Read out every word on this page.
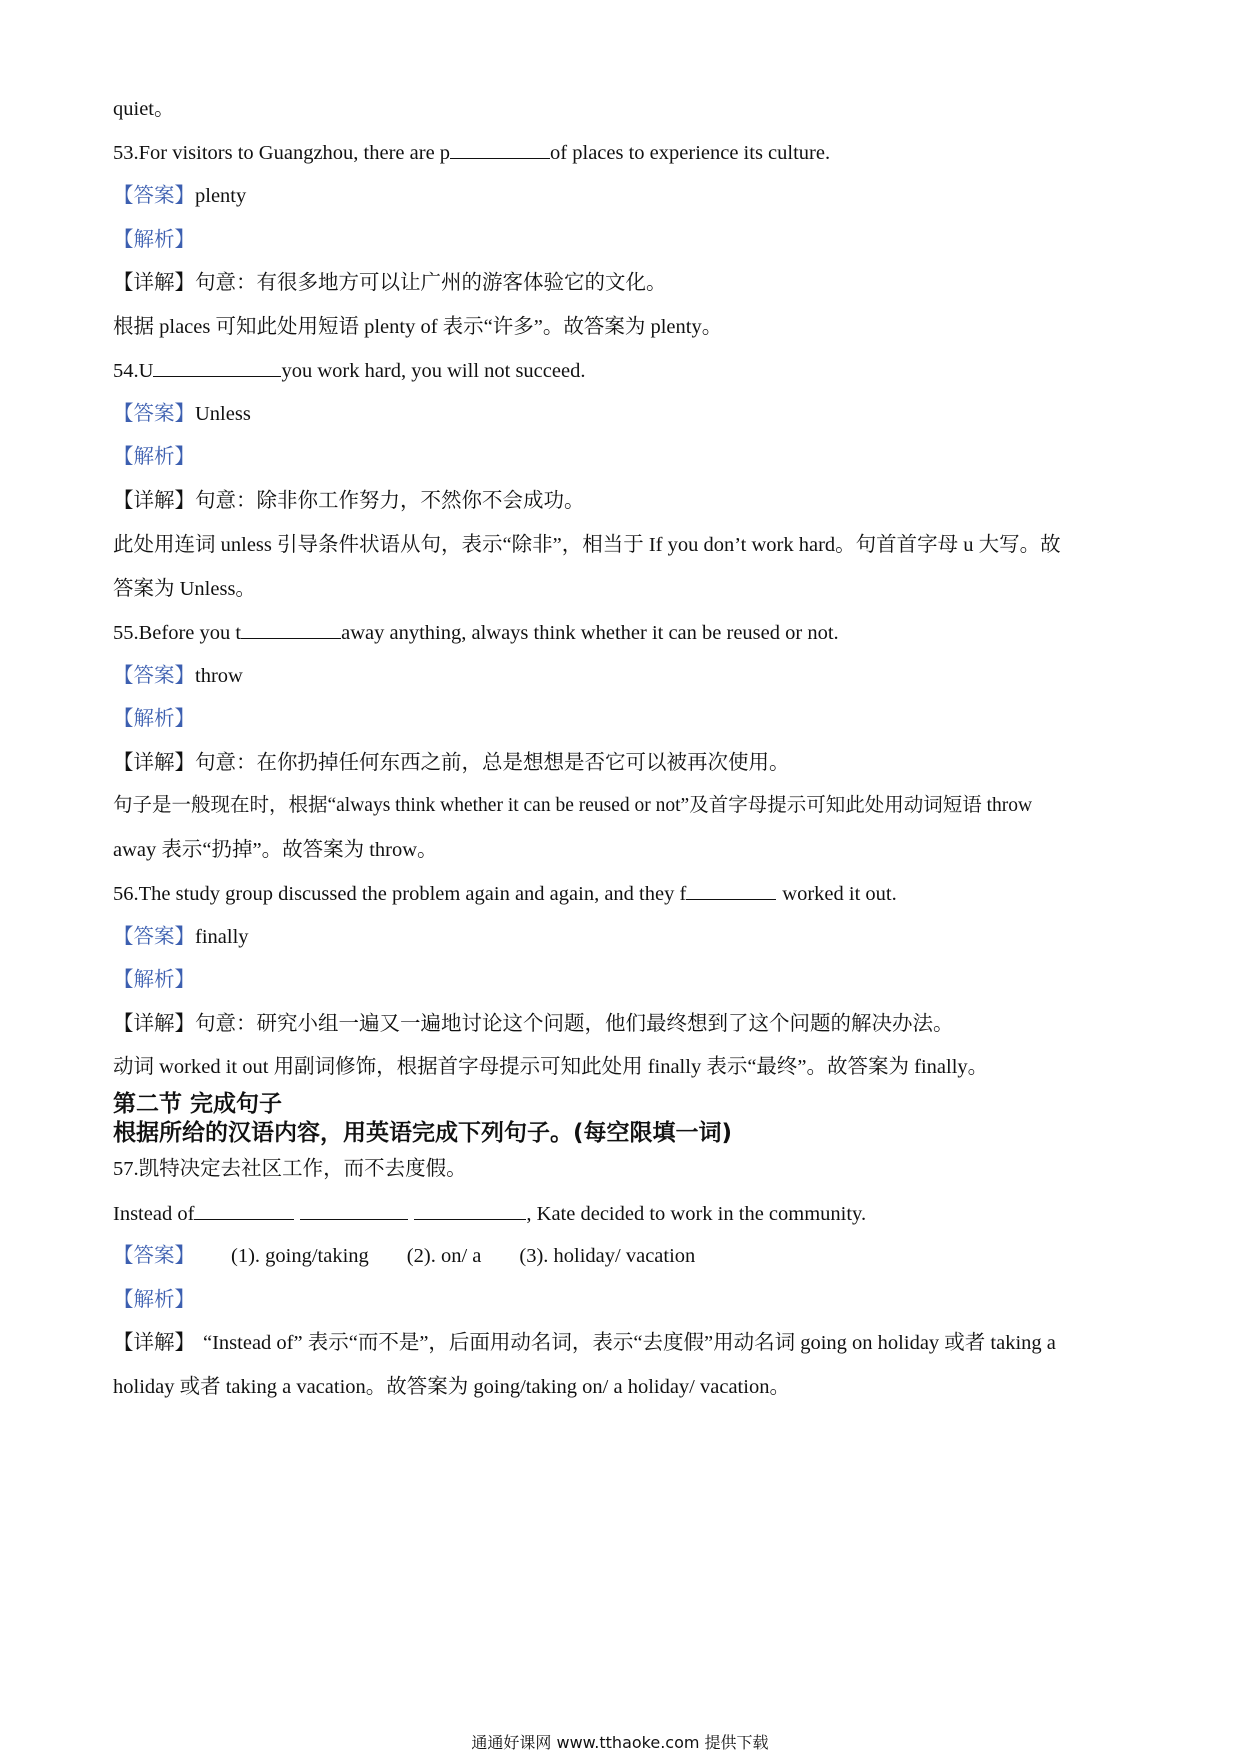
quiet。
53.For visitors to Guangzhou, there are p	of places to experience its culture.
【答案】plenty
【解析】
【详解】句意：有很多地方可以让广州的游客体验它的文化。
根据 places 可知此处用短语 plenty of 表示“许多”。故答案为 plenty。
54.U	you work hard, you will not succeed.
【答案】Unless
【解析】
【详解】句意：除非你工作努力，不然你不会成功。
此处用连词 unless 引导条件状语从句，表示“除非”，相当于 If you don’t work hard。句首首字母 u 大写。故
答案为 Unless。
55.Before you t	away anything, always think whether it can be reused or not.
【答案】throw
【解析】
【详解】句意：在你扔掉任何东西之前，总是想想是否它可以被再次使用。
句子是一般现在时，根据“always think whether it can be reused or not”及首字母提示可知此处用动词短语 throw
away 表示“扔掉”。故答案为 throw。
56.The study group discussed the problem again and again, and they f	worked it out.
【答案】finally
【解析】
【详解】句意：研究小组一遍又一遍地讨论这个问题，他们最终想到了这个问题的解决办法。
动词 worked it out 用副词修饰，根据首字母提示可知此处用 finally 表示“最终”。故答案为 finally。
第二节 完成句子
根据所给的汉语内容，用英语完成下列句子。(每空限填一词)
57.凯特决定去社区工作，而不去度假。
Instead of	, Kate decided to work in the community.
【答案】 (1). going/taking (2). on/ a (3). holiday/ vacation
【解析】
【详解】 “Instead of” 表示“而不是”，后面用动名词，表示“去度假”用动名词 going on holiday 或者 taking a
holiday 或者 taking a vacation。故答案为 going/taking on/ a holiday/ vacation。
通通好课网 www.tthaoke.com 提供下载
